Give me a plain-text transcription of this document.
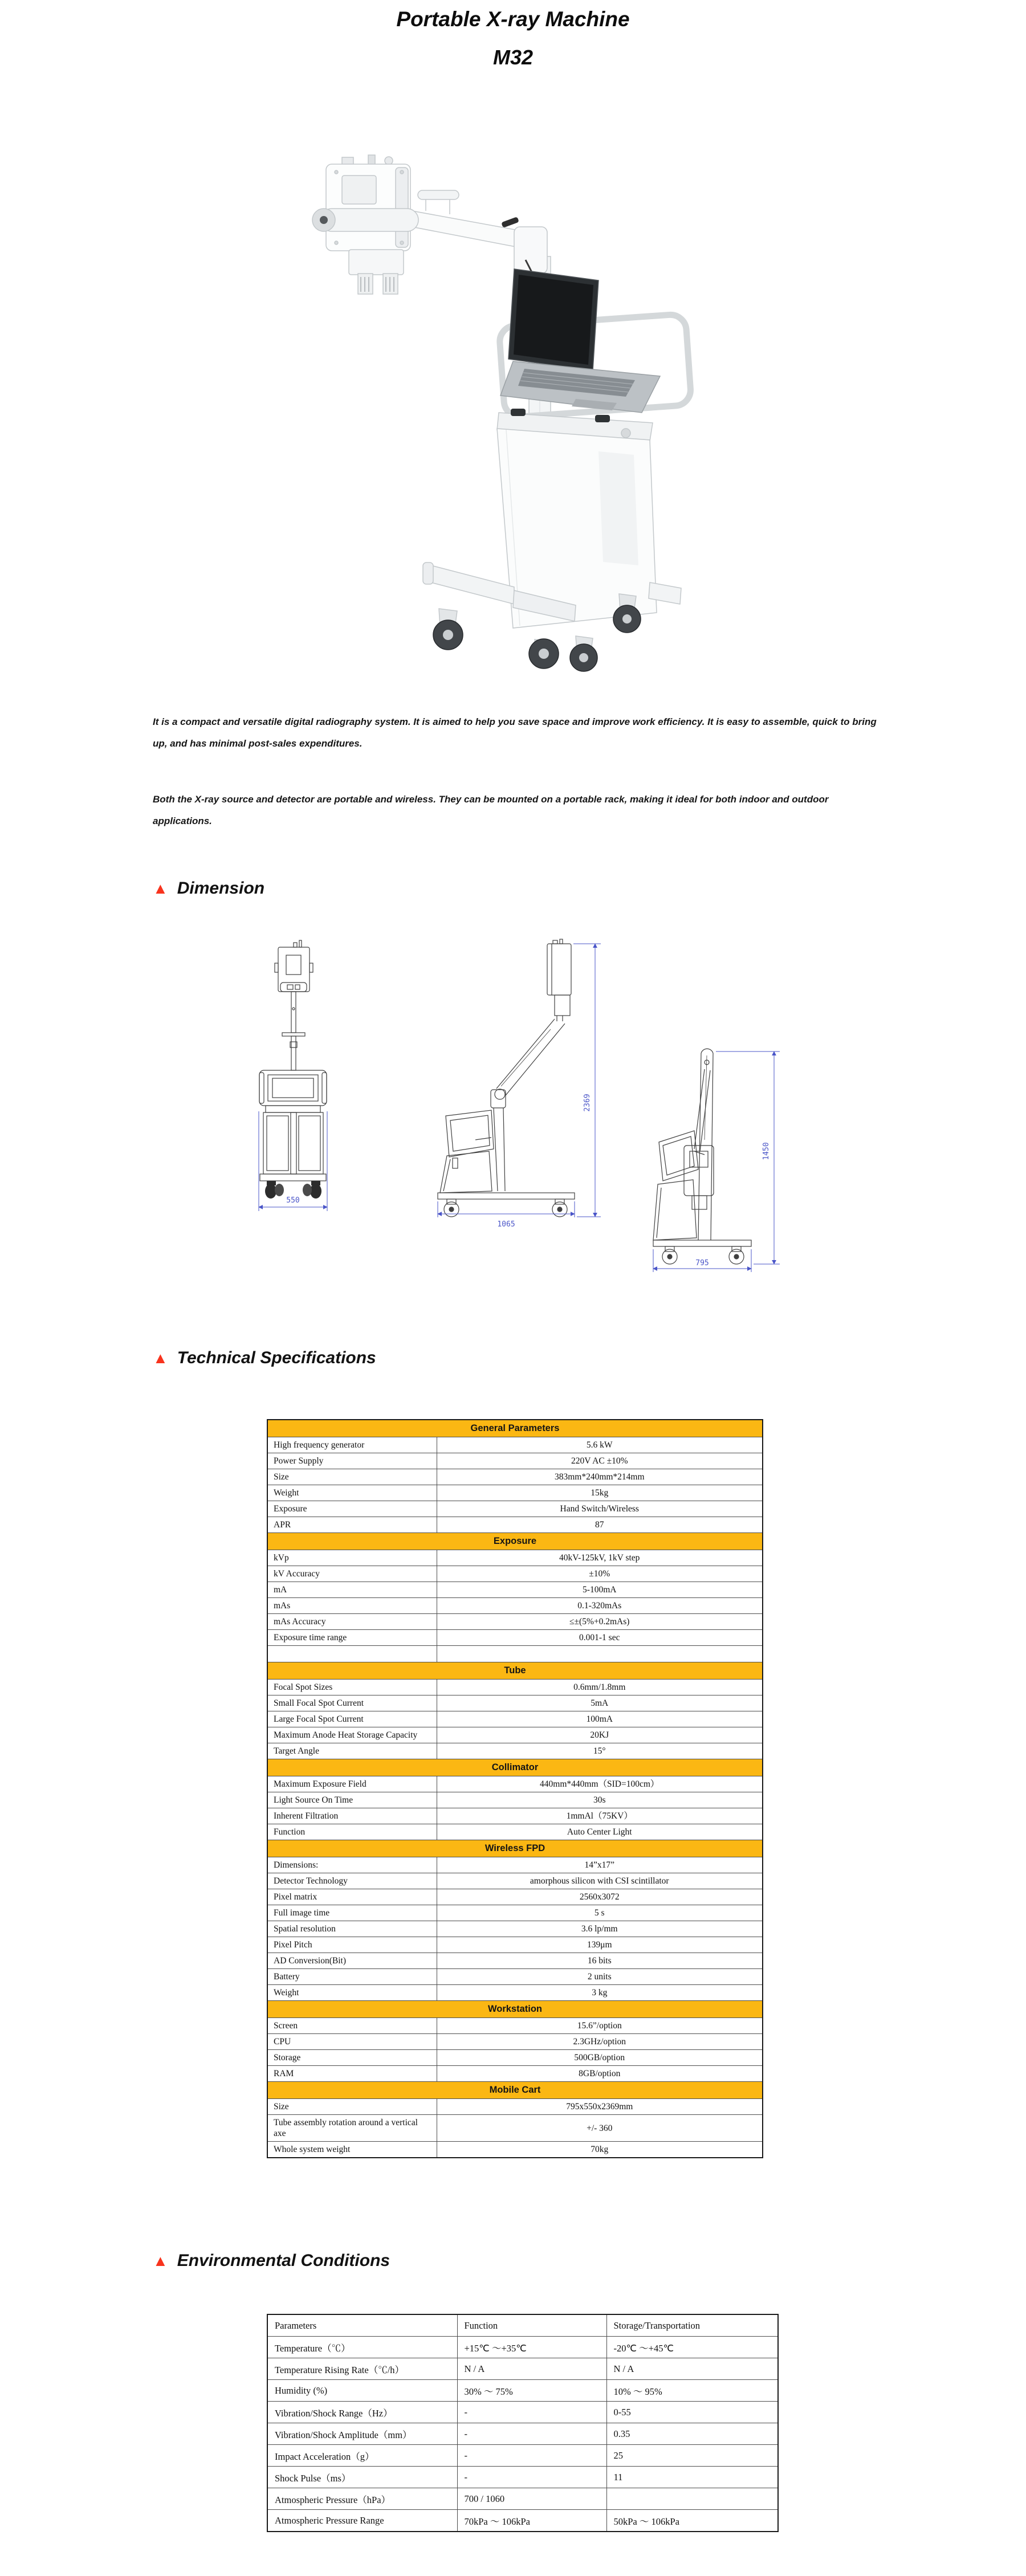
Portable X-ray Machine
M32
It is a compact and versatile digital radiography system. It is aimed to help you save space and improve work efficiency. It is easy to assemble, quick to bring up, and has minimal post-sales expenditures.
Both the X-ray source and detector are portable and wireless. They can be mounted on a portable rack, making it ideal for both indoor and outdoor applications.
▲ Dimension
550
2369
1065
1450
795
▲ Technical Specifications
General Parameters	
High frequency generator	5.6 kW
Power Supply	220V AC ±10%
Size	383mm*240mm*214mm
Weight	15kg
Exposure	Hand Switch/Wireless
APR	87
Exposure	
kVp	40kV-125kV, 1kV step
kV Accuracy	±10%
mA	5-100mA
mAs	0.1-320mAs
mAs Accuracy	≤±(5%+0.2mAs)
Exposure time range	0.001-1 sec

Tube	
Focal Spot Sizes	0.6mm/1.8mm
Small Focal Spot Current	5mA
Large Focal Spot Current	100mA
Maximum Anode Heat Storage Capacity	20KJ
Target Angle	15°
Collimator	
Maximum Exposure Field	440mm*440mm（SID=100cm）
Light Source On Time	30s
Inherent Filtration	1mmAl（75KV）
Function	Auto Center Light
Wireless FPD	
Dimensions:	14”x17”
Detector Technology	amorphous silicon with CSI scintillator
Pixel matrix	2560x3072
Full image time	5 s
Spatial resolution	3.6 lp/mm
Pixel Pitch	139μm
AD Conversion(Bit)	16 bits
Battery	2 units
Weight	3 kg
Workstation	
Screen	15.6”/option
CPU	2.3GHz/option
Storage	500GB/option
RAM	8GB/option
Mobile Cart	
Size	795x550x2369mm
Tube assembly rotation around a vertical axe	+/- 360
Whole system weight	70kg
▲ Environmental Conditions
Parameters	Function	Storage/Transportation
Temperature（℃）	+15℃ ～+35℃	-20℃ ～+45℃
Temperature Rising Rate（℃/h）	N / A	N / A
Humidity (%)	30% ～ 75%	10% ～ 95%
Vibration/Shock Range（Hz）	-	0-55
Vibration/Shock Amplitude（mm）	-	0.35
Impact Acceleration（g）	-	25
Shock Pulse（ms）	-	11
Atmospheric Pressure（hPa）	700 / 1060	
Atmospheric Pressure Range	70kPa ～ 106kPa	50kPa ～ 106kPa
